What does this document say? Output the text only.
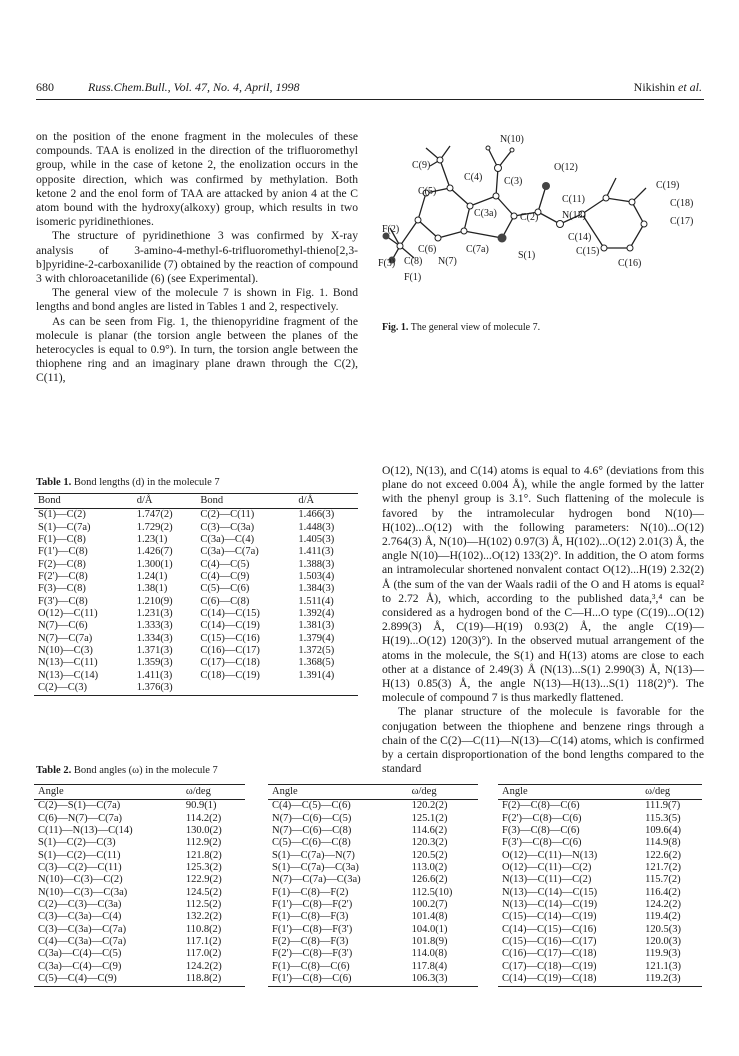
680	Russ.Chem.Bull., Vol. 47, No. 4, April, 1998	Nikishin et al.

on the position of the enone fragment in the molecules of these compounds. TAA is enolized in the direction of the trifluoromethyl group, while in the case of ketone 2, the enolization occurs in the opposite direction, which was confirmed by methylation. Both ketone 2 and the enol form of TAA are attacked by anion 4 at the C atom bound with the hydroxy(alkoxy) group, which results in two isomeric pyridinethiones.

The structure of pyridinethione 3 was confirmed by X-ray analysis of 3-amino-4-methyl-6-trifluoromethyl-thieno[2,3-b]pyridine-2-carboxanilide (7) obtained by the reaction of compound 3 with chloroacetanilide (6) (see Experimental).

The general view of the molecule 7 is shown in Fig. 1. Bond lengths and bond angles are listed in Tables 1 and 2, respectively.

As can be seen from Fig. 1, the thienopyridine fragment of the molecule is planar (the torsion angle between the planes of the heterocycles is equal to 0.9°). In turn, the torsion angle between the thiophene ring and an imaginary plane drawn through the C(2), C(11),

N(10)
C(9)	O(12)
C(4) C(3)	C(19)
C(5)
C(11)
C(3a)
C(18)
C(2) N(13)
C(17)
F(2)
C(14)
C(6)	C(7a)
S(1)	C(15)
F(3) C(8) N(7)	C(16)
F(1)
Fig. 1. The general view of molecule 7.

O(12), N(13), and C(14) atoms is equal to 4.6° (deviations from this plane do not exceed 0.004 Å), while the angle formed by the latter with the phenyl group is 3.1°. Such flattening of the molecule is favored by the intramolecular hydrogen bond N(10)—H(102)...O(12) with the following parameters: N(10)...O(12) 2.764(3) Å, N(10)—H(102) 0.97(3) Å, H(102)...O(12) 2.01(3) Å, the angle N(10)—H(102)...O(12) 133(2)°. In addition, the O atom forms an intramolecular shortened nonvalent contact O(12)...H(19) 2.32(2) Å (the sum of the van der Waals radii of the O and H atoms is equal² to 2.72 Å), which, according to the published data,³,⁴ can be considered as a hydrogen bond of the C—H...O type (C(19)...O(12) 2.899(3) Å, C(19)—H(19) 0.93(2) Å, the angle C(19)—H(19)...O(12) 120(3)°). In the observed mutual arrangement of the atoms in the molecule, the S(1) and H(13) atoms are close to each other at a distance of 2.49(3) Å (N(13)...S(1) 2.990(3) Å, N(13)—H(13) 0.85(3) Å, the angle N(13)—H(13)...S(1) 118(2)°). The molecule of compound 7 is thus markedly flattened.

The planar structure of the molecule is favorable for the conjugation between the thiophene and benzene rings through a chain of the C(2)—C(11)—N(13)—C(14) atoms, which is confirmed by a certain disproportionation of the bond lengths compared to the standard

Table 1. Bond lengths (d) in the molecule 7
Bond	d/Å	Bond	d/Å
S(1)—C(2)	1.747(2)	C(2)—C(11)	1.466(3)
S(1)—C(7a)	1.729(2)	C(3)—C(3a)	1.448(3)
F(1)—C(8)	1.23(1)	C(3a)—C(4)	1.405(3)
F(1')—C(8)	1.426(7)	C(3a)—C(7a)	1.411(3)
F(2)—C(8)	1.300(1)	C(4)—C(5)	1.388(3)
F(2')—C(8)	1.24(1)	C(4)—C(9)	1.503(4)
F(3)—C(8)	1.38(1)	C(5)—C(6)	1.384(3)
F(3')—C(8)	1.210(9)	C(6)—C(8)	1.511(4)
O(12)—C(11)	1.231(3)	C(14)—C(15)	1.392(4)
N(7)—C(6)	1.333(3)	C(14)—C(19)	1.381(3)
N(7)—C(7a)	1.334(3)	C(15)—C(16)	1.379(4)
N(10)—C(3)	1.371(3)	C(16)—C(17)	1.372(5)
N(13)—C(11)	1.359(3)	C(17)—C(18)	1.368(5)
N(13)—C(14)	1.411(3)	C(18)—C(19)	1.391(4)
C(2)—C(3)	1.376(3)		
Table 2. Bond angles (ω) in the molecule 7
Angle	ω/deg
C(2)—S(1)—C(7a)	90.9(1)
C(6)—N(7)—C(7a)	114.2(2)
C(11)—N(13)—C(14)	130.0(2)
S(1)—C(2)—C(3)	112.9(2)
S(1)—C(2)—C(11)	121.8(2)
C(3)—C(2)—C(11)	125.3(2)
N(10)—C(3)—C(2)	122.9(2)
N(10)—C(3)—C(3a)	124.5(2)
C(2)—C(3)—C(3a)	112.5(2)
C(3)—C(3a)—C(4)	132.2(2)
C(3)—C(3a)—C(7a)	110.8(2)
C(4)—C(3a)—C(7a)	117.1(2)
C(3a)—C(4)—C(5)	117.0(2)
C(3a)—C(4)—C(9)	124.2(2)
C(5)—C(4)—C(9)	118.8(2)
Angle	ω/deg
C(4)—C(5)—C(6)	120.2(2)
N(7)—C(6)—C(5)	125.1(2)
N(7)—C(6)—C(8)	114.6(2)
C(5)—C(6)—C(8)	120.3(2)
S(1)—C(7a)—N(7)	120.5(2)
S(1)—C(7a)—C(3a)	113.0(2)
N(7)—C(7a)—C(3a)	126.6(2)
F(1)—C(8)—F(2)	112.5(10)
F(1')—C(8)—F(2')	100.2(7)
F(1)—C(8)—F(3)	101.4(8)
F(1')—C(8)—F(3')	104.0(1)
F(2)—C(8)—F(3)	101.8(9)
F(2')—C(8)—F(3')	114.0(8)
F(1)—C(8)—C(6)	117.8(4)
F(1')—C(8)—C(6)	106.3(3)
Angle	ω/deg
F(2)—C(8)—C(6)	111.9(7)
F(2')—C(8)—C(6)	115.3(5)
F(3)—C(8)—C(6)	109.6(4)
F(3')—C(8)—C(6)	114.9(8)
O(12)—C(11)—N(13)	122.6(2)
O(12)—C(11)—C(2)	121.7(2)
N(13)—C(11)—C(2)	115.7(2)
N(13)—C(14)—C(15)	116.4(2)
N(13)—C(14)—C(19)	124.2(2)
C(15)—C(14)—C(19)	119.4(2)
C(14)—C(15)—C(16)	120.5(3)
C(15)—C(16)—C(17)	120.0(3)
C(16)—C(17)—C(18)	119.9(3)
C(17)—C(18)—C(19)	121.1(3)
C(14)—C(19)—C(18)	119.2(3)
